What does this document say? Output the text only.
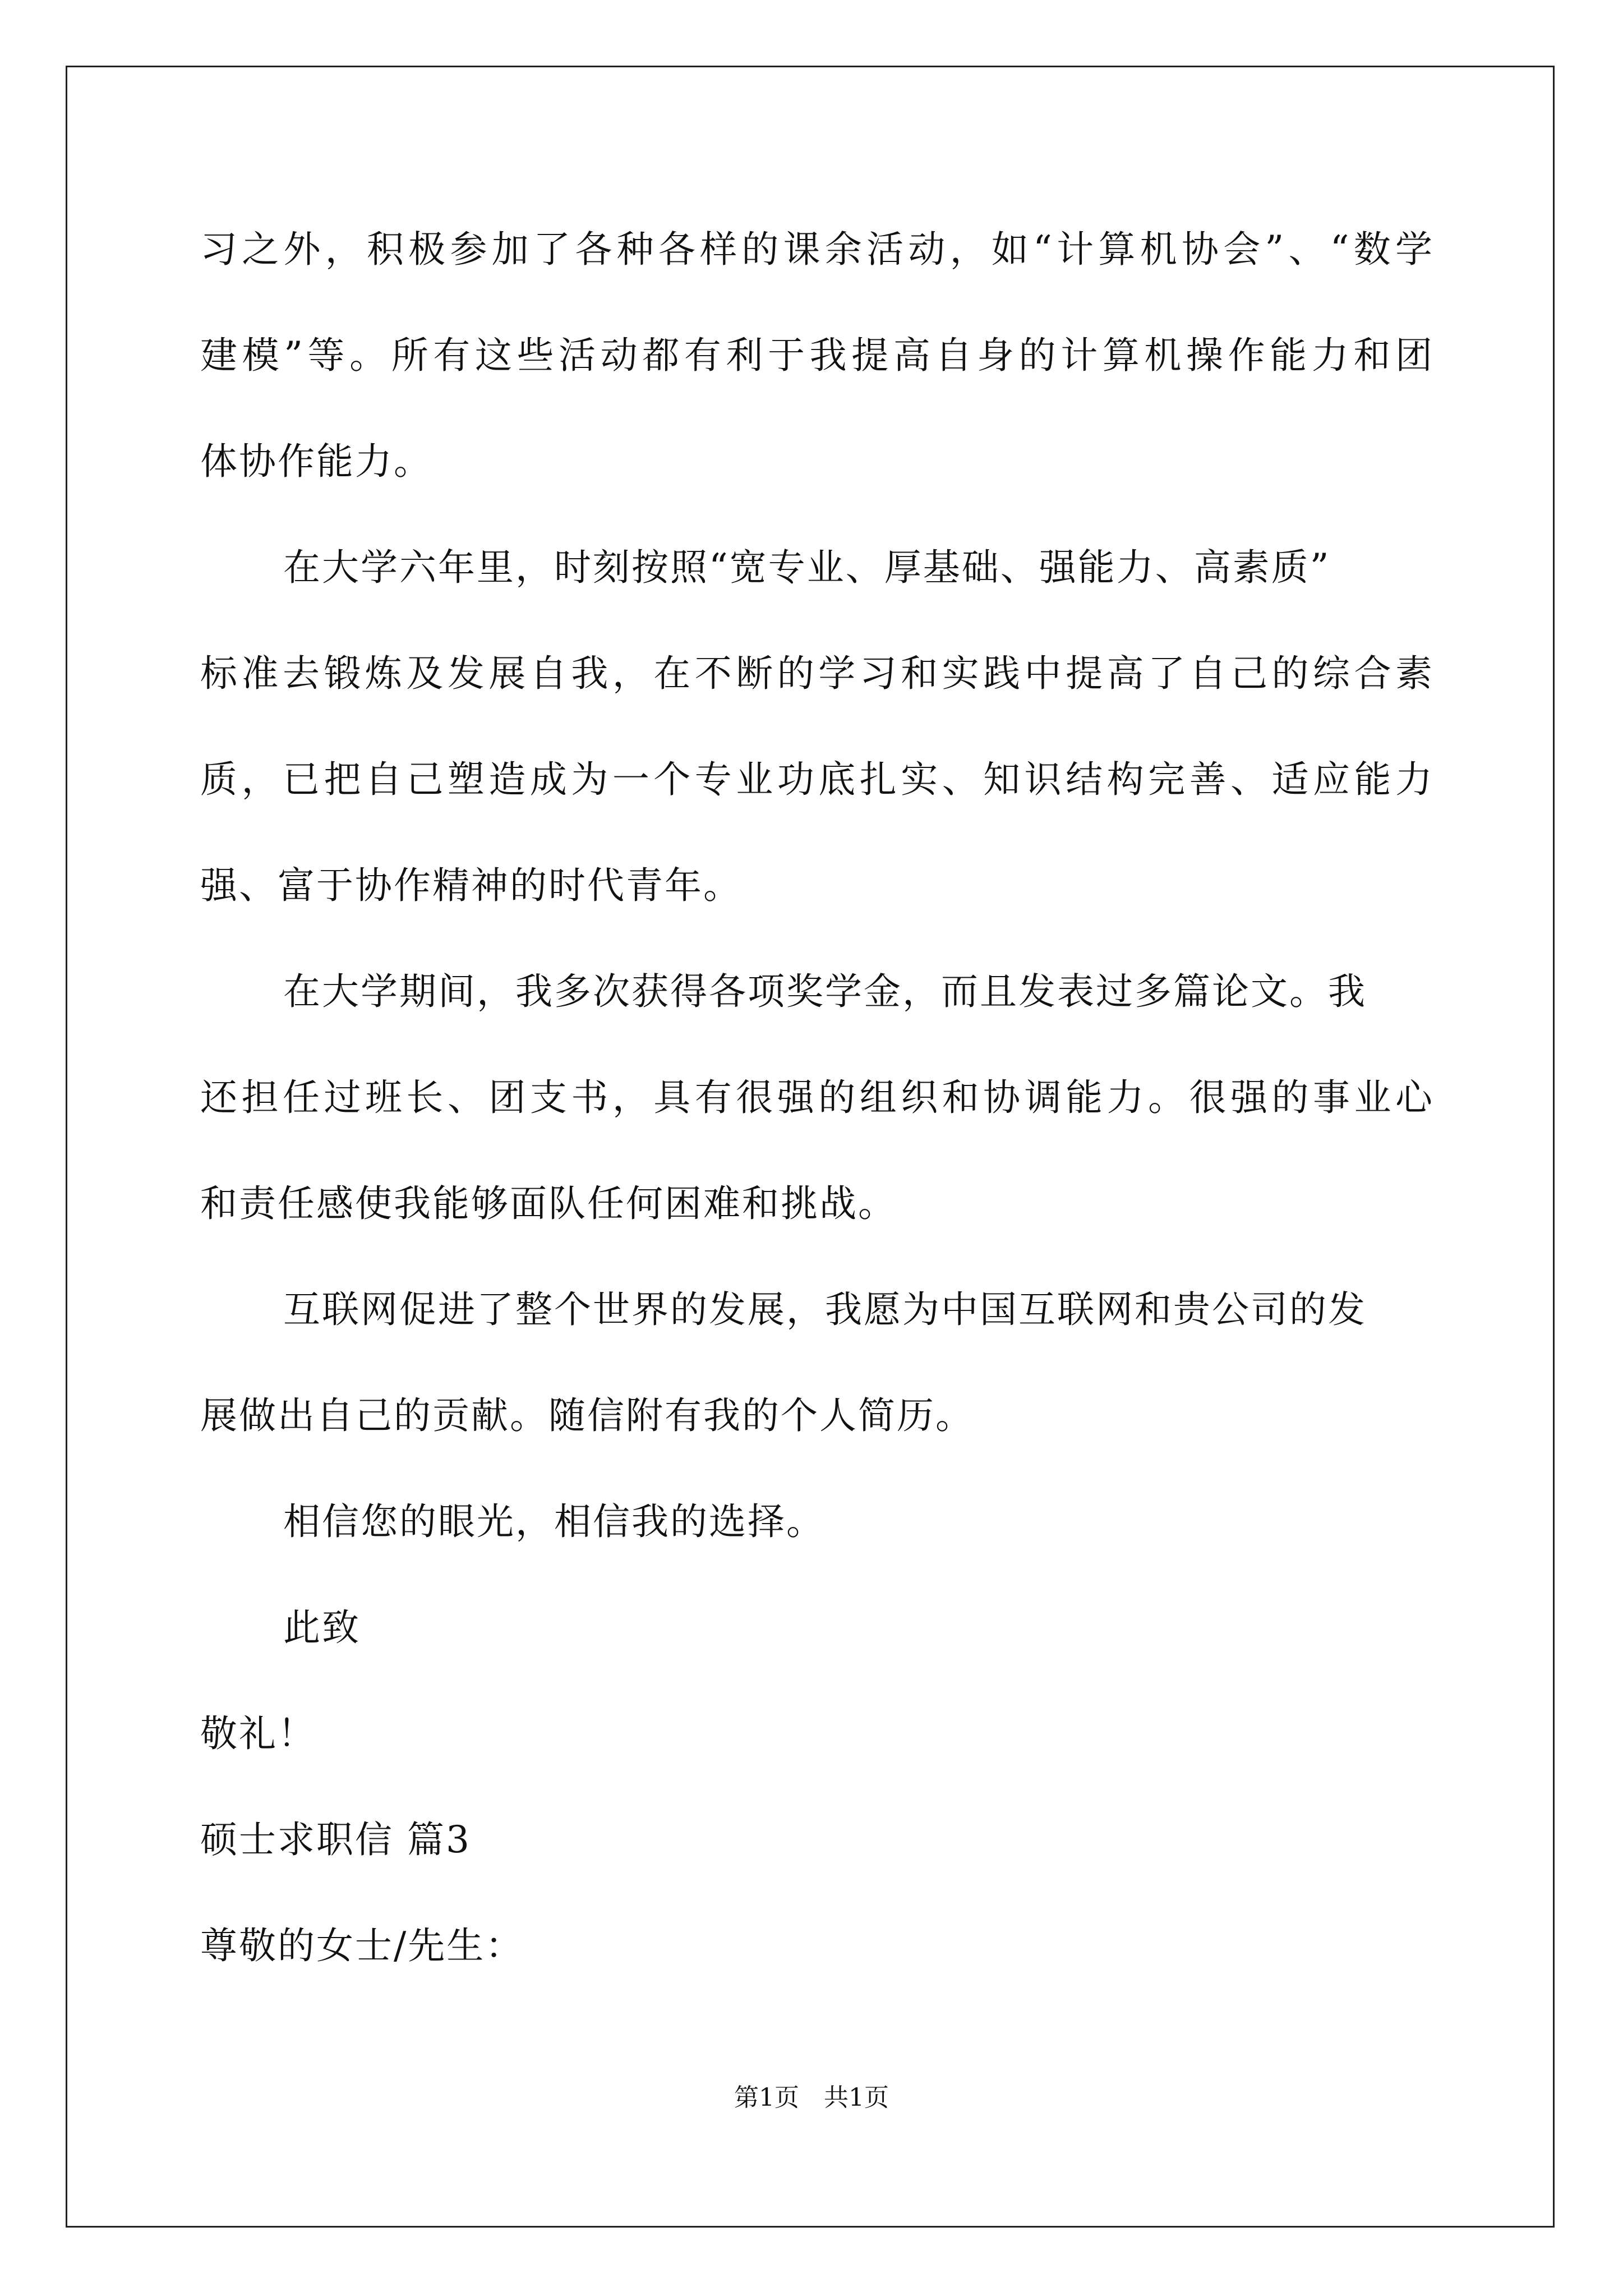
习之外，积极参加了各种各样的课余活动，如“计算机协会”、“数学
建模”等。所有这些活动都有利于我提高自身的计算机操作能力和团
体协作能力。
在大学六年里，时刻按照“宽专业、厚基础、强能力、高素质”
标准去锻炼及发展自我，在不断的学习和实践中提高了自己的综合素
质，已把自己塑造成为一个专业功底扎实、知识结构完善、适应能力
强、富于协作精神的时代青年。
在大学期间，我多次获得各项奖学金，而且发表过多篇论文。我
还担任过班长、团支书，具有很强的组织和协调能力。很强的事业心
和责任感使我能够面队任何困难和挑战。
互联网促进了整个世界的发展，我愿为中国互联网和贵公司的发
展做出自己的贡献。随信附有我的个人简历。
相信您的眼光，相信我的选择。
此致
敬礼！
硕士求职信 篇3
尊敬的女士/先生：
第1页　共1页
